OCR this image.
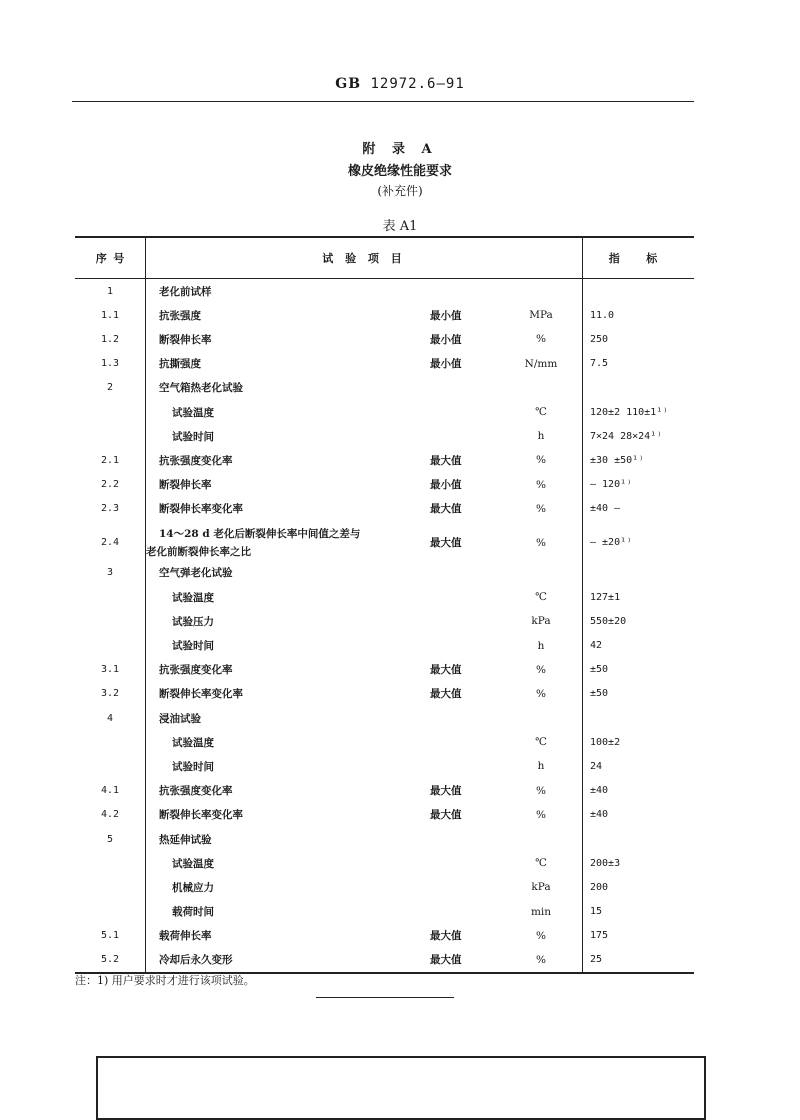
GB 12972.6—91
附 录 A
橡皮绝缘性能要求
(补充件)
表 A1
序 号	试 验 项 目			指 标
1	老化前试样			
1.1	抗张强度	最小值	MPa	11.0
1.2	断裂伸长率	最小值	%	250
1.3	抗撕强度	最小值	N/mm	7.5
2	空气箱热老化试验			
	试验温度		℃	120±2 110±1¹⁾
	试验时间		h	7×24 28×24¹⁾
2.1	抗张强度变化率	最大值	%	±30 ±50¹⁾
2.2	断裂伸长率	最小值	%	— 120¹⁾
2.3	断裂伸长率变化率	最大值	%	±40 —
2.4	14～28 d 老化后断裂伸长率中间值之差与
老化前断裂伸长率之比	最大值	%	— ±20¹⁾
3	空气弹老化试验			
	试验温度		℃	127±1
	试验压力		kPa	550±20
	试验时间		h	42
3.1	抗张强度变化率	最大值	%	±50
3.2	断裂伸长率变化率	最大值	%	±50
4	浸油试验			
	试验温度		℃	100±2
	试验时间		h	24
4.1	抗张强度变化率	最大值	%	±40
4.2	断裂伸长率变化率	最大值	%	±40
5	热延伸试验			
	试验温度		℃	200±3
	机械应力		kPa	200
	载荷时间		min	15
5.1	载荷伸长率	最大值	%	175
5.2	冷却后永久变形	最大值	%	25
注：1) 用户要求时才进行该项试验。
